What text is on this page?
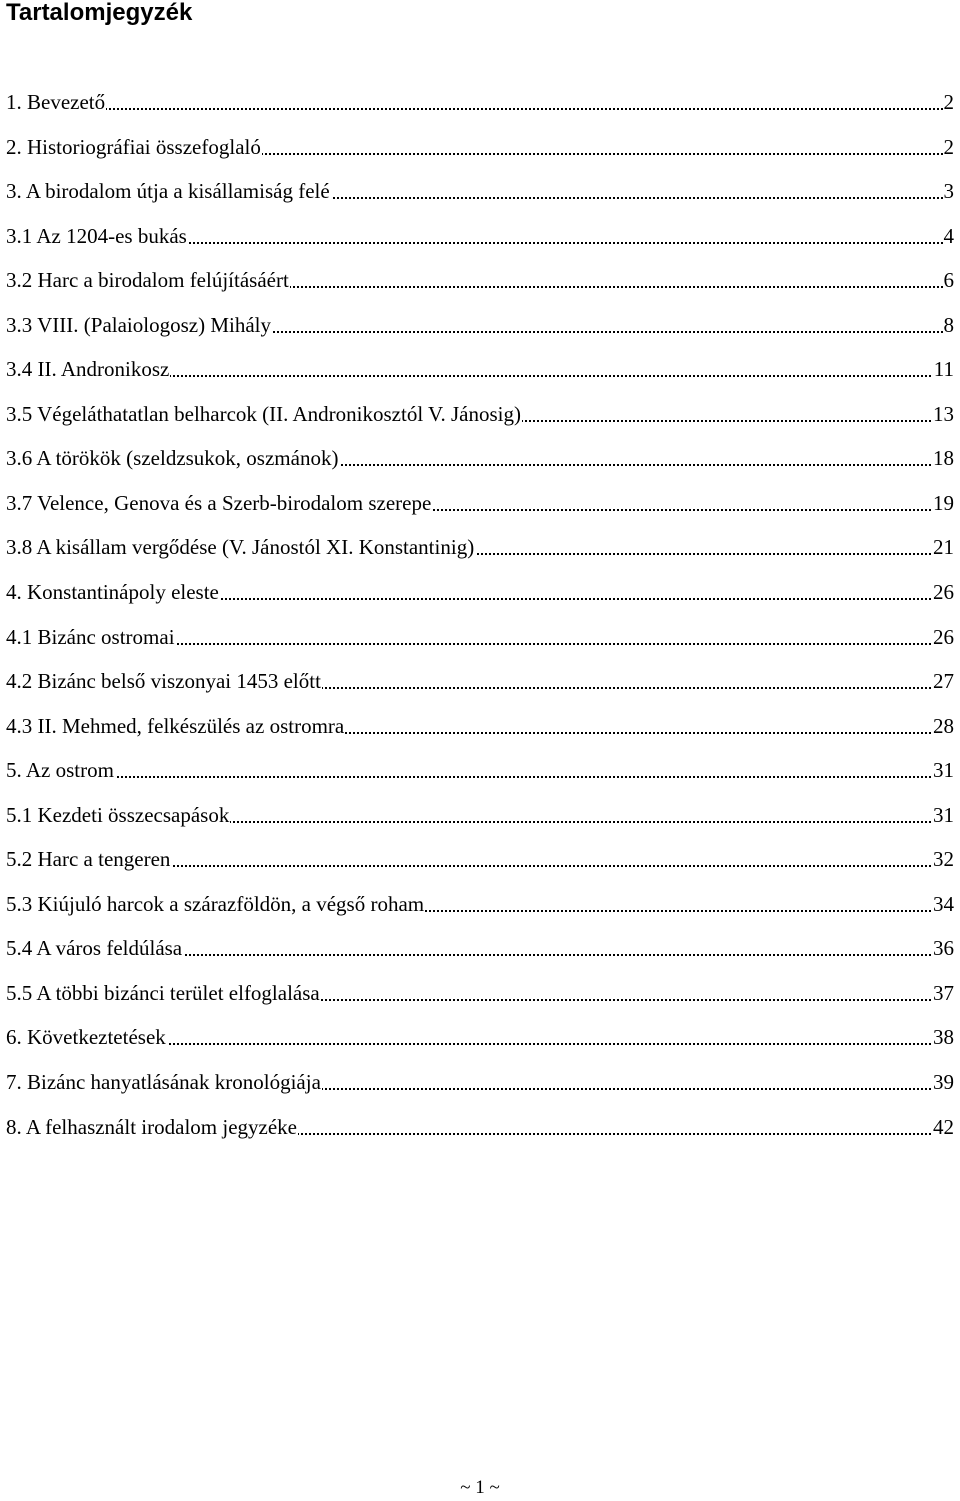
Tartalomjegyzék
1. Bevezető	2
2. Historiográfiai összefoglaló	2
3. A birodalom útja a kisállamiság felé	3
3.1 Az 1204-es bukás	4
3.2 Harc a birodalom felújításáért	6
3.3 VIII. (Palaiologosz) Mihály	8
3.4 II. Andronikosz	11
3.5 Végeláthatatlan belharcok (II. Andronikosztól V. Jánosig)	13
3.6 A törökök (szeldzsukok, oszmánok)	18
3.7 Velence, Genova és a Szerb-birodalom szerepe	19
3.8 A kisállam vergődése (V. Jánostól XI. Konstantinig)	21
4. Konstantinápoly eleste	26
4.1 Bizánc ostromai	26
4.2 Bizánc belső viszonyai 1453 előtt	27
4.3 II. Mehmed, felkészülés az ostromra	28
5. Az ostrom	31
5.1 Kezdeti összecsapások	31
5.2 Harc a tengeren	32
5.3 Kiújuló harcok a szárazföldön, a végső roham	34
5.4 A város feldúlása	36
5.5 A többi bizánci terület elfoglalása	37
6. Következtetések	38
7. Bizánc hanyatlásának kronológiája	39
8. A felhasznált irodalom jegyzéke	42
~ 1 ~
